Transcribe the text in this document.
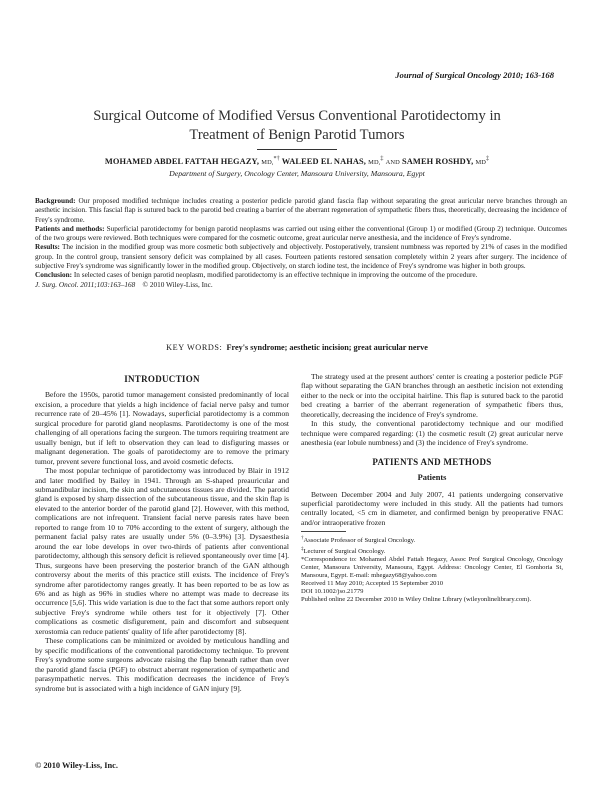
Journal of Surgical Oncology 2010; 163-168
Surgical Outcome of Modified Versus Conventional Parotidectomy in
Treatment of Benign Parotid Tumors
MOHAMED ABDEL FATTAH HEGAZY, MD,*† WALEED EL NAHAS, MD,‡ AND SAMEH ROSHDY, MD‡
Department of Surgery, Oncology Center, Mansoura University, Mansoura, Egypt

Background: Our proposed modified technique includes creating a posterior pedicle parotid gland fascia flap without separating the great auricular nerve branches through an aesthetic incision. This fascial flap is sutured back to the parotid bed creating a barrier of the aberrant regeneration of sympathetic fibers thus, theoretically, decreasing the incidence of Frey's syndrome.

Patients and methods: Superficial parotidectomy for benign parotid neoplasms was carried out using either the conventional (Group 1) or modified (Group 2) technique. Outcomes of the two groups were reviewed. Both techniques were compared for the cosmetic outcome, great auricular nerve anesthesia, and the incidence of Frey's syndrome.

Results: The incision in the modified group was more cosmetic both subjectively and objectively. Postoperatively, transient numbness was reported by 21% of cases in the modified group. In the control group, transient sensory deficit was complained by all cases. Fourteen patients restored sensation completely within 2 years after surgery. The incidence of subjective Frey's syndrome was significantly lower in the modified group. Objectively, on starch iodine test, the incidence of Frey's syndrome was higher in both groups.

Conclusion: In selected cases of benign parotid neoplasm, modified parotidectomy is an effective technique in improving the outcome of the procedure.

J. Surg. Oncol. 2011;103:163–168 © 2010 Wiley-Liss, Inc.

KEY WORDS: Frey's syndrome; aesthetic incision; great auricular nerve
INTRODUCTION

Before the 1950s, parotid tumor management consisted predominantly of local excision, a procedure that yields a high incidence of facial nerve palsy and tumor recurrence rate of 20–45% [1]. Nowadays, superficial parotidectomy is a common surgical procedure for parotid gland neoplasms. Parotidectomy is one of the most challenging of all operations facing the surgeon. The tumors requiring treatment are usually benign, but if left to observation they can lead to disfiguring masses or malignant degeneration. The goals of parotidectomy are to remove the primary tumor, prevent severe functional loss, and avoid cosmetic defects.

The most popular technique of parotidectomy was introduced by Blair in 1912 and later modified by Bailey in 1941. Through an S-shaped preauricular and submandibular incision, the skin and subcutaneous tissues are divided. The parotid gland is exposed by sharp dissection of the subcutaneous tissue, and the skin flap is elevated to the anterior border of the parotid gland [2]. However, with this method, complications are not infrequent. Transient facial nerve paresis rates have been reported to range from 10 to 70% according to the extent of surgery, although the permanent facial palsy rates are usually under 5% (0–3.9%) [3]. Dysaesthesia around the ear lobe develops in over two-thirds of patients after conventional parotidectomy, although this sensory deficit is relieved spontaneously over time [4]. Thus, surgeons have been preserving the posterior branch of the GAN although controversy about the merits of this practice still exists. The incidence of Frey's syndrome after parotidectomy ranges greatly. It has been reported to be as low as 6% and as high as 96% in studies where no attempt was made to decrease its occurrence [5,6]. This wide variation is due to the fact that some authors report only subjective Frey's syndrome while others test for it objectively [7]. Other complications as cosmetic disfigurement, pain and discomfort and subsequent xerostomia can reduce patients' quality of life after parotidectomy [8].

These complications can be minimized or avoided by meticulous handling and by specific modifications of the conventional parotidectomy technique. To prevent Frey's syndrome some surgeons advocate raising the flap beneath rather than over the parotid gland fascia (PGF) to obstruct aberrant regeneration of sympathetic and parasympathetic nerves. This modification decreases the incidence of Frey's syndrome but is associated with a high incidence of GAN injury [9].

The strategy used at the present authors' center is creating a posterior pedicle PGF flap without separating the GAN branches through an aesthetic incision not extending either to the neck or into the occipital hairline. This flap is sutured back to the parotid bed creating a barrier of the aberrant regeneration of sympathetic fibers thus, theoretically, decreasing the incidence of Frey's syndrome.

In this study, the conventional parotidectomy technique and our modified technique were compared regarding: (1) the cosmetic result (2) great auricular nerve anesthesia (ear lobule numbness) and (3) the incidence of Frey's syndrome.

PATIENTS AND METHODS
Patients

Between December 2004 and July 2007, 41 patients undergoing conservative superficial parotidectomy were included in this study. All the patients had tumors centrally located, <5 cm in diameter, and confirmed benign by preoperative FNAC and/or intraoperative frozen

†Associate Professor of Surgical Oncology.

‡Lecturer of Surgical Oncology.

*Correspondence to: Mohamed Abdel Fattah Hegazy, Assoc Prof Surgical Oncology, Oncology Center, Mansoura University, Mansoura, Egypt. Address: Oncology Center, El Gomhoria St, Mansoura, Egypt. E-mail: mhegazy68@yahoo.com

Received 11 May 2010; Accepted 15 September 2010

DOI 10.1002/jso.21779

Published online 22 December 2010 in Wiley Online Library (wileyonlinelibrary.com).

© 2010 Wiley-Liss, Inc.
